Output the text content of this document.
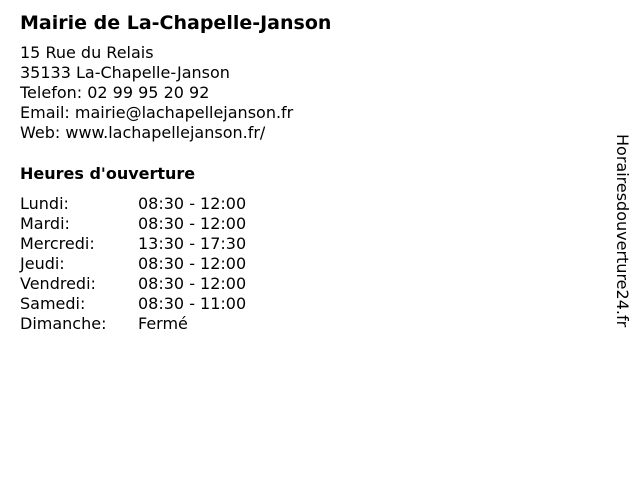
Mairie de La-Chapelle-Janson
15 Rue du Relais
35133 La-Chapelle-Janson
Telefon: 02 99 95 20 92
Email: mairie@lachapellejanson.fr
Web: www.lachapellejanson.fr/
Heures d'ouverture
Lundi:	08:30 - 12:00
Mardi:	08:30 - 12:00
Mercredi:	13:30 - 17:30
Jeudi:	08:30 - 12:00
Vendredi:	08:30 - 12:00
Samedi:	08:30 - 11:00
Dimanche:	Fermé	Horairesdouverture24.fr
